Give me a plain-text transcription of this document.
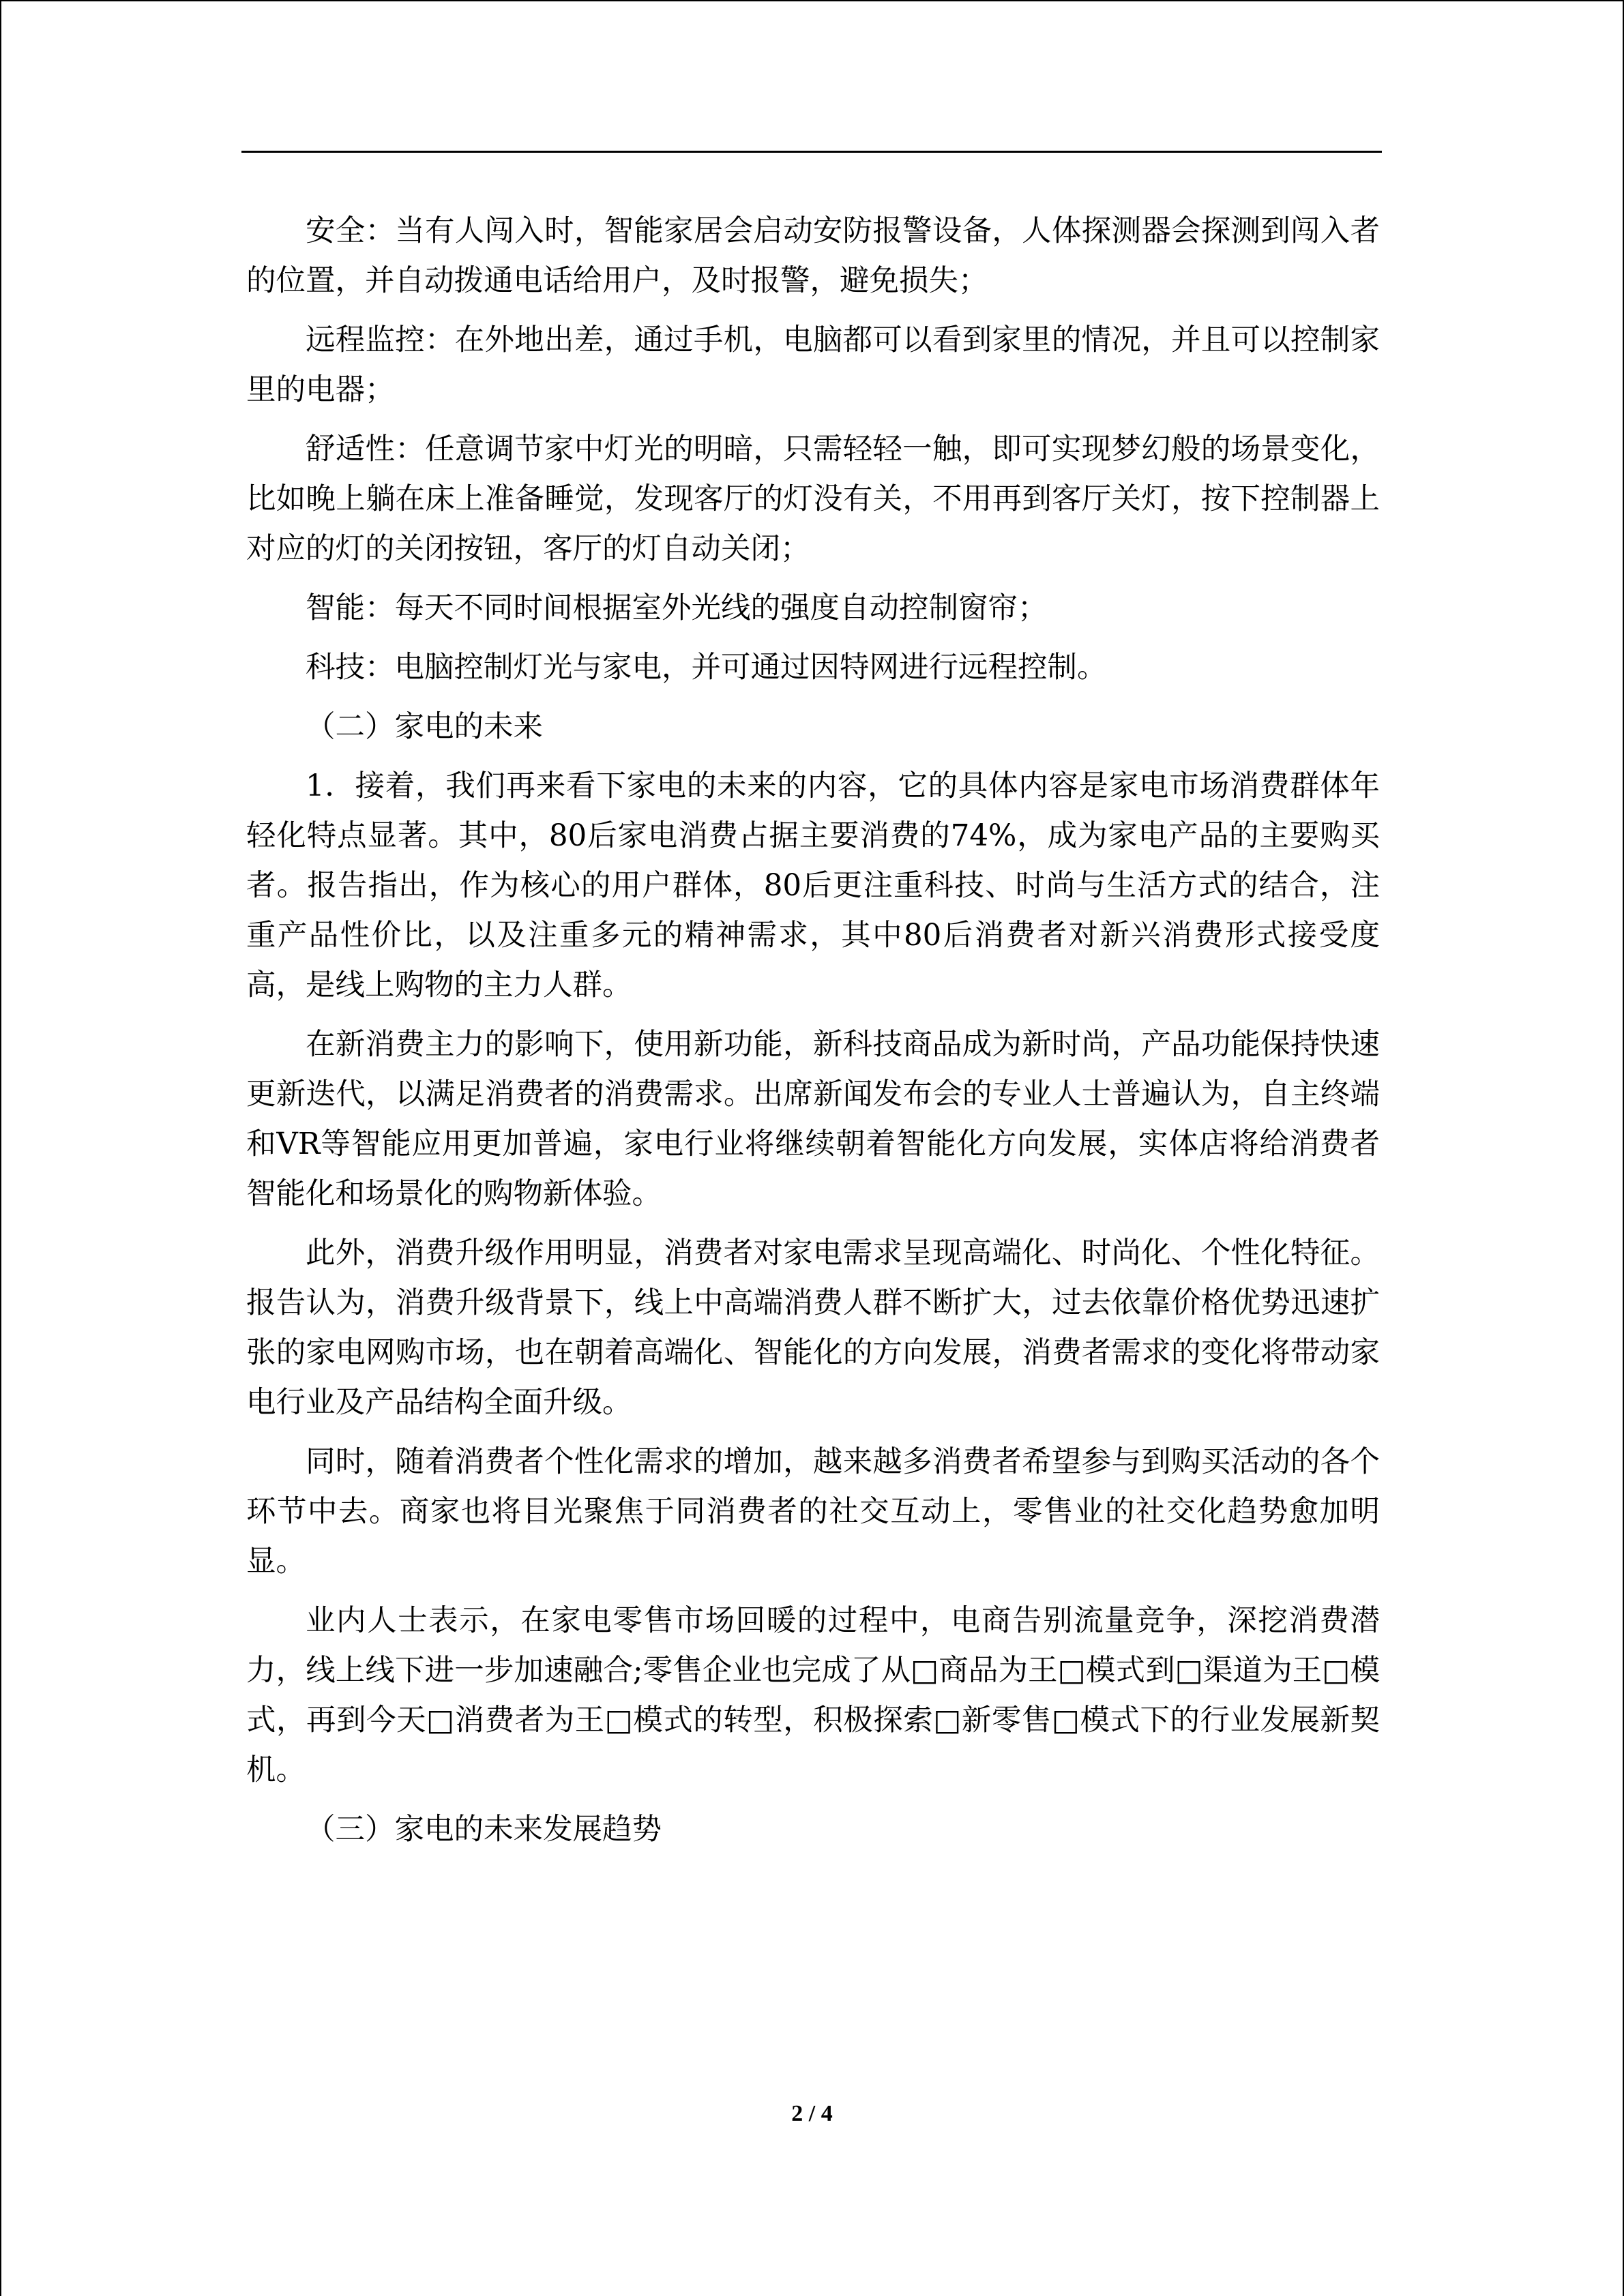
安全：当有人闯入时，智能家居会启动安防报警设备，人体探测器会探测到闯入者的位置，并自动拨通电话给用户，及时报警，避免损失；

远程监控：在外地出差，通过手机，电脑都可以看到家里的情况，并且可以控制家里的电器；

舒适性：任意调节家中灯光的明暗，只需轻轻一触，即可实现梦幻般的场景变化，比如晚上躺在床上准备睡觉，发现客厅的灯没有关，不用再到客厅关灯，按下控制器上对应的灯的关闭按钮，客厅的灯自动关闭；

智能：每天不同时间根据室外光线的强度自动控制窗帘；

科技：电脑控制灯光与家电，并可通过因特网进行远程控制。

（二）家电的未来

1．接着，我们再来看下家电的未来的内容，它的具体内容是家电市场消费群体年轻化特点显著。其中，80后家电消费占据主要消费的74%，成为家电产品的主要购买者。报告指出，作为核心的用户群体，80后更注重科技、时尚与生活方式的结合，注重产品性价比，以及注重多元的精神需求，其中80后消费者对新兴消费形式接受度高，是线上购物的主力人群。

在新消费主力的影响下，使用新功能，新科技商品成为新时尚，产品功能保持快速更新迭代，以满足消费者的消费需求。出席新闻发布会的专业人士普遍认为，自主终端和VR等智能应用更加普遍，家电行业将继续朝着智能化方向发展，实体店将给消费者智能化和场景化的购物新体验。

此外，消费升级作用明显，消费者对家电需求呈现高端化、时尚化、个性化特征。报告认为，消费升级背景下，线上中高端消费人群不断扩大，过去依靠价格优势迅速扩张的家电网购市场，也在朝着高端化、智能化的方向发展，消费者需求的变化将带动家电行业及产品结构全面升级。

同时，随着消费者个性化需求的增加，越来越多消费者希望参与到购买活动的各个环节中去。商家也将目光聚焦于同消费者的社交互动上，零售业的社交化趋势愈加明显。

业内人士表示，在家电零售市场回暖的过程中，电商告别流量竞争，深挖消费潜力，线上线下进一步加速融合;零售企业也完成了从□商品为王□模式到□渠道为王□模式，再到今天□消费者为王□模式的转型，积极探索□新零售□模式下的行业发展新契机。

（三）家电的未来发展趋势

2 / 4
